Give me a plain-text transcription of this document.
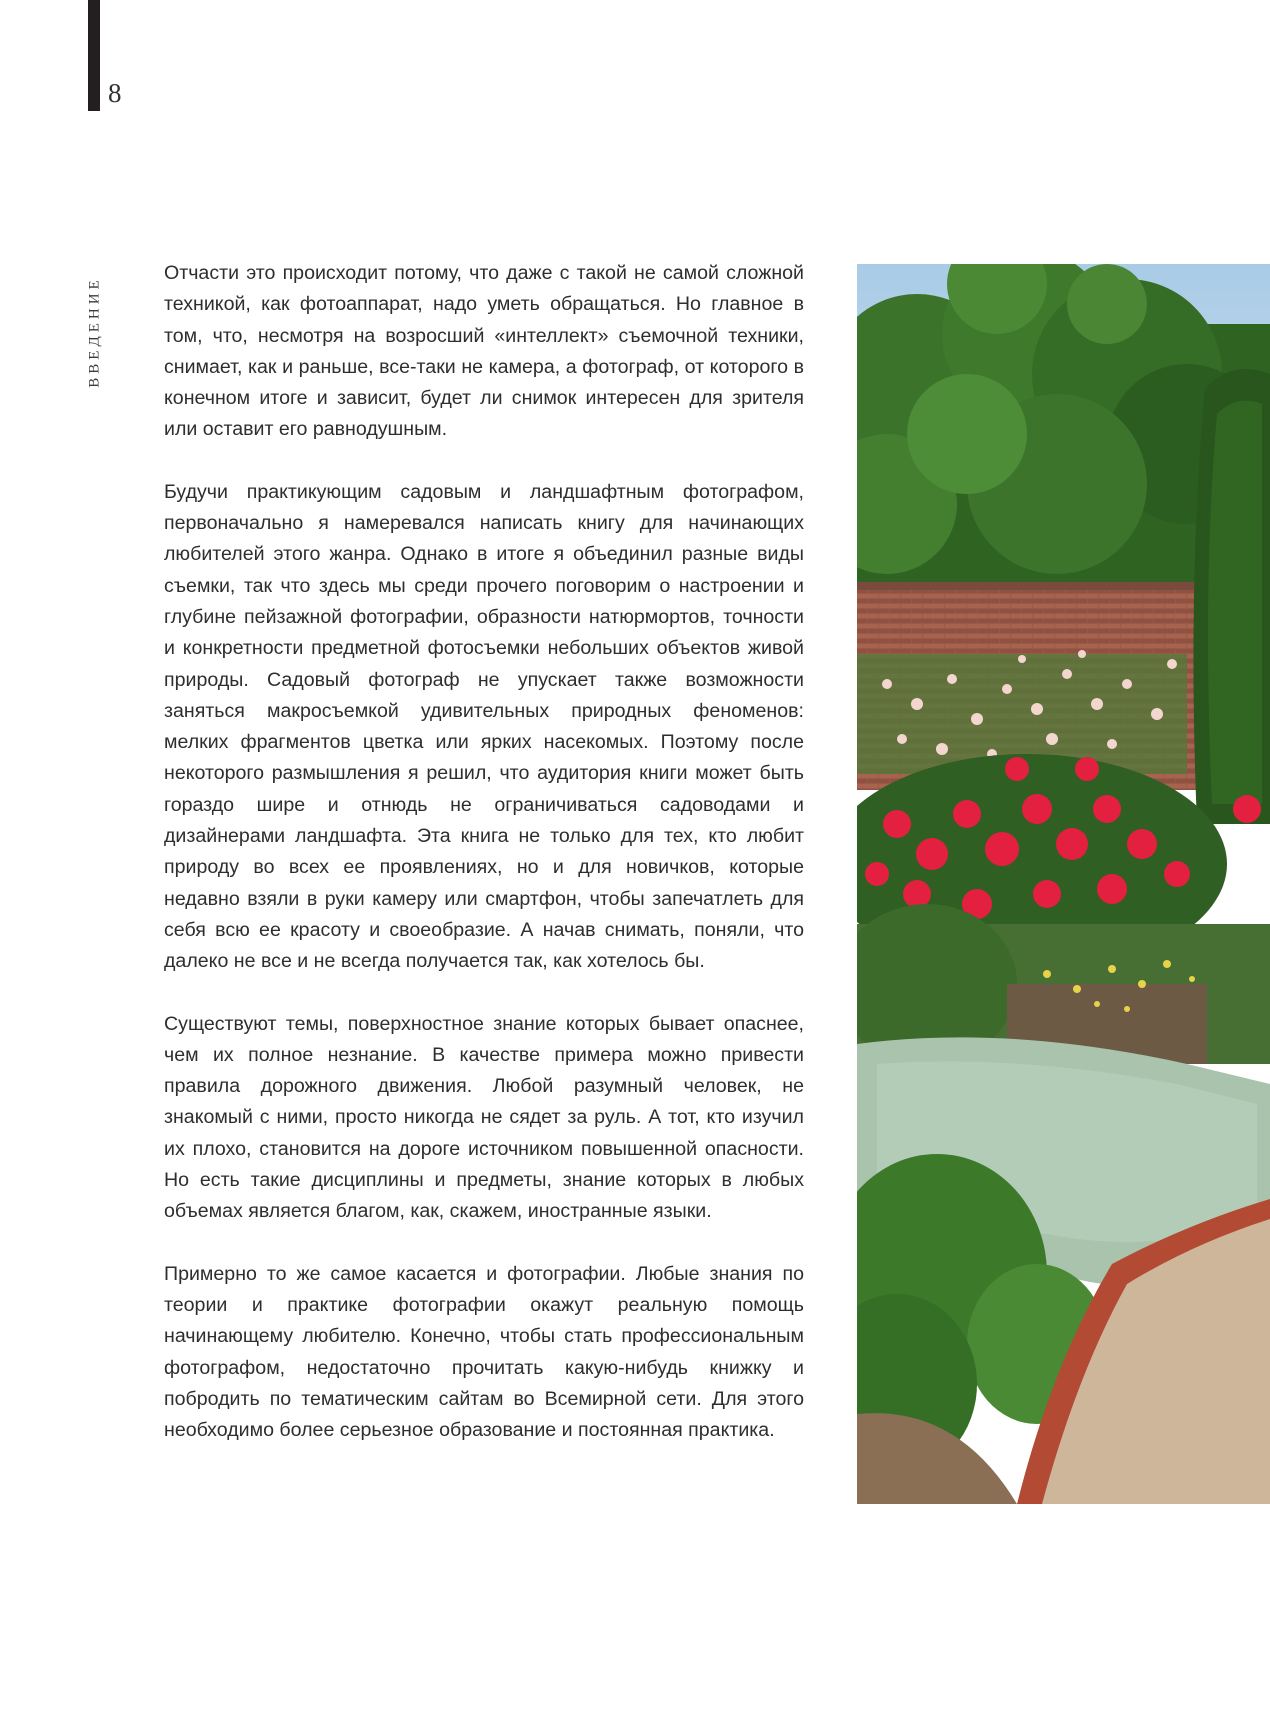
8
ВВЕДЕНИЕ

Отчасти это происходит потому, что даже с такой не самой сложной техникой, как фотоаппарат, надо уметь обращаться. Но главное в том, что, несмотря на возросший «интеллект» съемочной техники, снимает, как и раньше, все-таки не камера, а фотограф, от которого в конечном итоге и зависит, будет ли снимок интересен для зрителя или оставит его равнодушным.

Будучи практикующим садовым и ландшафтным фотографом, первоначально я намеревался написать книгу для начинающих любителей этого жанра. Однако в итоге я объединил разные виды съемки, так что здесь мы среди прочего поговорим о настроении и глубине пейзажной фотографии, образности натюрмортов, точности и конкретности предметной фотосъемки небольших объектов живой природы. Садовый фотограф не упускает также возможности заняться макросъемкой удивительных природных феноменов: мелких фрагментов цветка или ярких насекомых. Поэтому после некоторого размышления я решил, что аудитория книги может быть гораздо шире и отнюдь не ограничиваться садоводами и дизайнерами ландшафта. Эта книга не только для тех, кто любит природу во всех ее проявлениях, но и для новичков, которые недавно взяли в руки камеру или смартфон, чтобы запечатлеть для себя всю ее красоту и своеобразие. А начав снимать, поняли, что далеко не все и не всегда получается так, как хотелось бы.

Существуют темы, поверхностное знание которых бывает опаснее, чем их полное незнание. В качестве примера можно привести правила дорожного движения. Любой разумный человек, не знакомый с ними, просто никогда не сядет за руль. А тот, кто изучил их плохо, становится на дороге источником повышенной опасности. Но есть такие дисциплины и предметы, знание которых в любых объемах является благом, как, скажем, иностранные языки.

Примерно то же самое касается и фотографии. Любые знания по теории и практике фотографии окажут реальную помощь начинающему любителю. Конечно, чтобы стать профессиональным фотографом, недостаточно прочитать какую-нибудь книжку и побродить по тематическим сайтам во Всемирной сети. Для этого необходимо более серьезное образование и постоянная практика.
